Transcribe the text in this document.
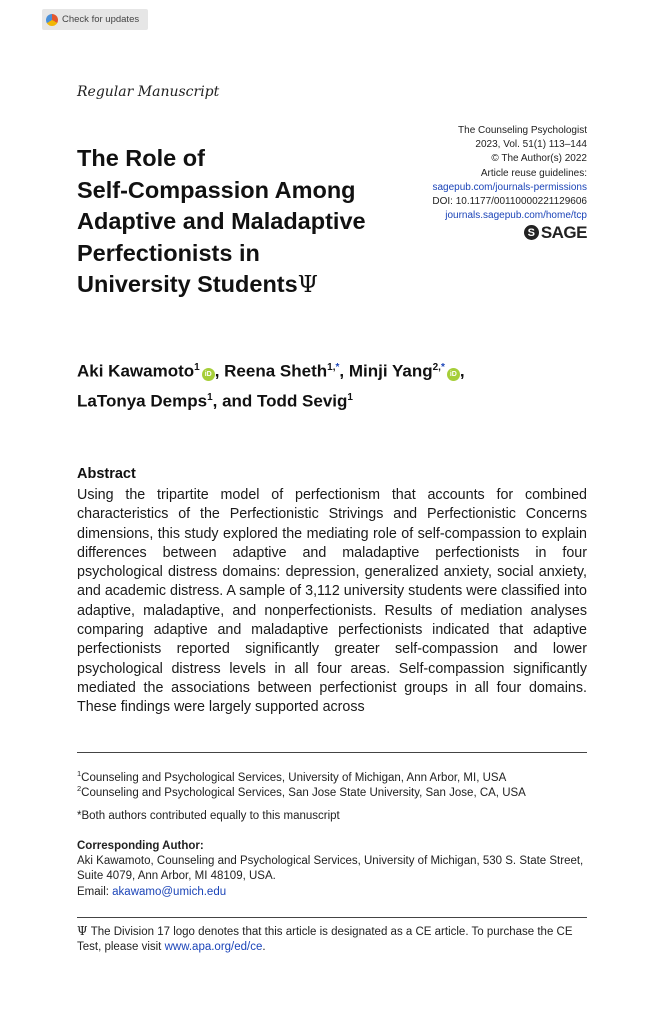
Check for updates
Regular Manuscript
The Role of
Self-Compassion Among
Adaptive and Maladaptive
Perfectionists in
University StudentsΨ
The Counseling Psychologist
2023, Vol. 51(1) 113–144
© The Author(s) 2022
Article reuse guidelines:
sagepub.com/journals-permissions
DOI: 10.1177/00110000221129606
journals.sagepub.com/home/tcp
S SAGE
Aki Kawamoto$^1$iD , Reena Sheth$^{1,*}$, Minji Yang$^{2,*}$iD ,
LaTonya Demps$^1$, and Todd Sevig$^1$
Abstract

Using the tripartite model of perfectionism that accounts for combined characteristics of the Perfectionistic Strivings and Perfectionistic Concerns dimensions, this study explored the mediating role of self-compassion to explain differences between adaptive and maladaptive perfectionists in four psychological distress domains: depression, generalized anxiety, social anxiety, and academic distress. A sample of 3,112 university students were classified into adaptive, maladaptive, and nonperfectionists. Results of mediation analyses comparing adaptive and maladaptive perfectionists indicated that adaptive perfectionists reported significantly greater self-compassion and lower psychological distress levels in all four areas. Self-compassion significantly mediated the associations between perfectionist groups in all four domains. These findings were largely supported across

$^1$Counseling and Psychological Services, University of Michigan, Ann Arbor, MI, USA
$^2$Counseling and Psychological Services, San Jose State University, San Jose, CA, USA
*Both authors contributed equally to this manuscript
Corresponding Author:
Aki Kawamoto, Counseling and Psychological Services, University of Michigan, 530 S. State Street, Suite 4079, Ann Arbor, MI 48109, USA.
Email: akawamo@umich.edu
Ψ The Division 17 logo denotes that this article is designated as a CE article. To purchase the CE Test, please visit www.apa.org/ed/ce.
